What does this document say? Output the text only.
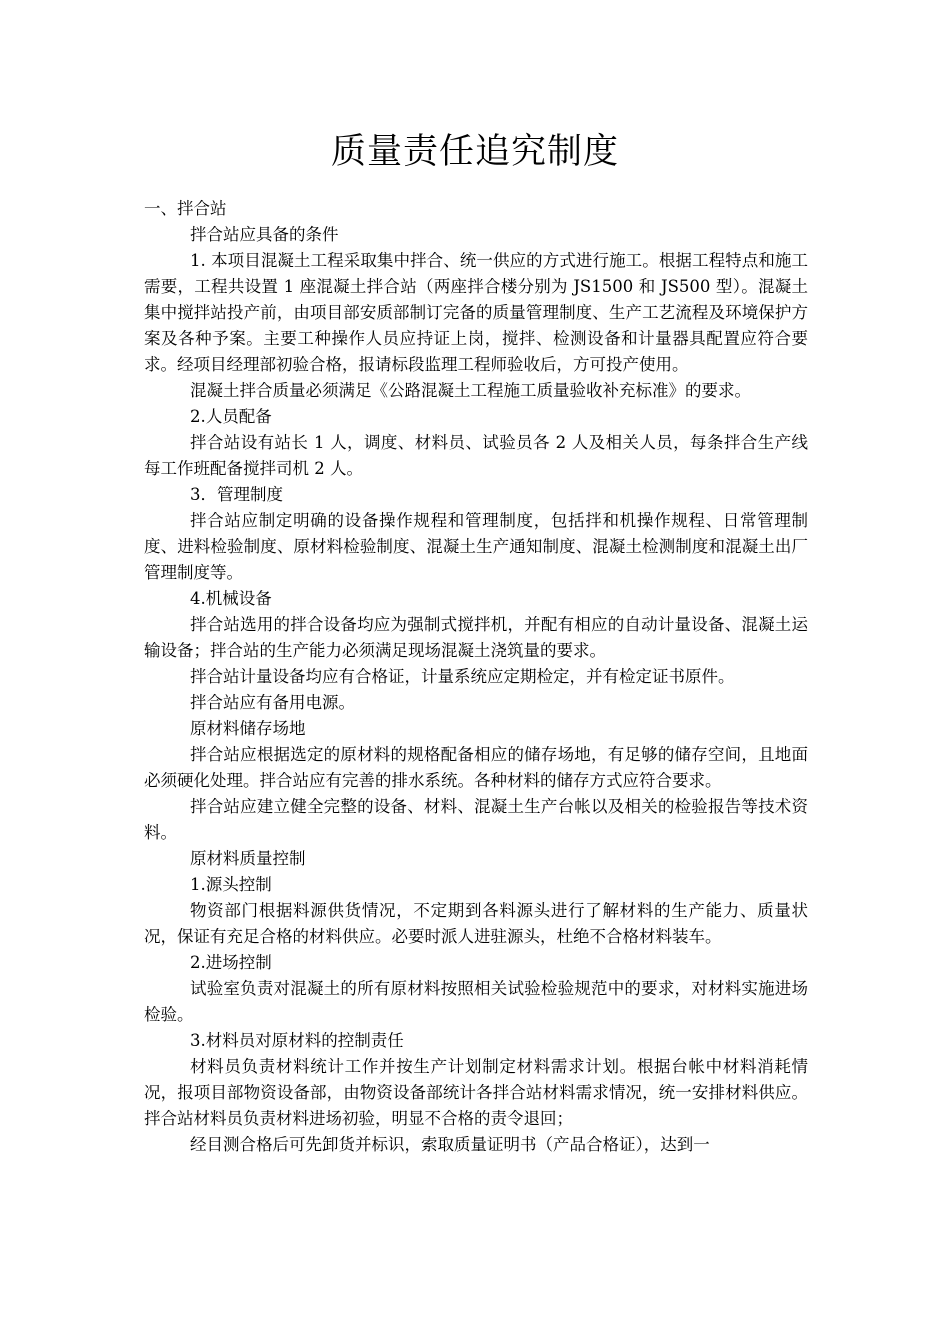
质量责任追究制度

一、拌合站

拌合站应具备的条件

1. 本项目混凝土工程采取集中拌合、统一供应的方式进行施工。根据工程特点和施工需要，工程共设置 1 座混凝土拌合站（两座拌合楼分别为 JS1500 和 JS500 型）。混凝土集中搅拌站投产前，由项目部安质部制订完备的质量管理制度、生产工艺流程及环境保护方案及各种予案。主要工种操作人员应持证上岗，搅拌、检测设备和计量器具配置应符合要求。经项目经理部初验合格，报请标段监理工程师验收后，方可投产使用。

混凝土拌合质量必须满足《公路混凝土工程施工质量验收补充标准》的要求。

2.人员配备

拌合站设有站长 1 人，调度、材料员、试验员各 2 人及相关人员，每条拌合生产线每工作班配备搅拌司机 2 人。

3．管理制度

拌合站应制定明确的设备操作规程和管理制度，包括拌和机操作规程、日常管理制度、进料检验制度、原材料检验制度、混凝土生产通知制度、混凝土检测制度和混凝土出厂管理制度等。

4.机械设备

拌合站选用的拌合设备均应为强制式搅拌机，并配有相应的自动计量设备、混凝土运输设备；拌合站的生产能力必须满足现场混凝土浇筑量的要求。

拌合站计量设备均应有合格证，计量系统应定期检定，并有检定证书原件。

拌合站应有备用电源。

原材料储存场地

拌合站应根据选定的原材料的规格配备相应的储存场地，有足够的储存空间，且地面必须硬化处理。拌合站应有完善的排水系统。各种材料的储存方式应符合要求。

拌合站应建立健全完整的设备、材料、混凝土生产台帐以及相关的检验报告等技术资料。

原材料质量控制

1.源头控制

物资部门根据料源供货情况，不定期到各料源头进行了解材料的生产能力、质量状况，保证有充足合格的材料供应。必要时派人进驻源头，杜绝不合格材料装车。

2.进场控制

试验室负责对混凝土的所有原材料按照相关试验检验规范中的要求，对材料实施进场检验。

3.材料员对原材料的控制责任

材料员负责材料统计工作并按生产计划制定材料需求计划。根据台帐中材料消耗情况，报项目部物资设备部，由物资设备部统计各拌合站材料需求情况，统一安排材料供应。拌合站材料员负责材料进场初验，明显不合格的责令退回；

经目测合格后可先卸货并标识，索取质量证明书（产品合格证），达到一
